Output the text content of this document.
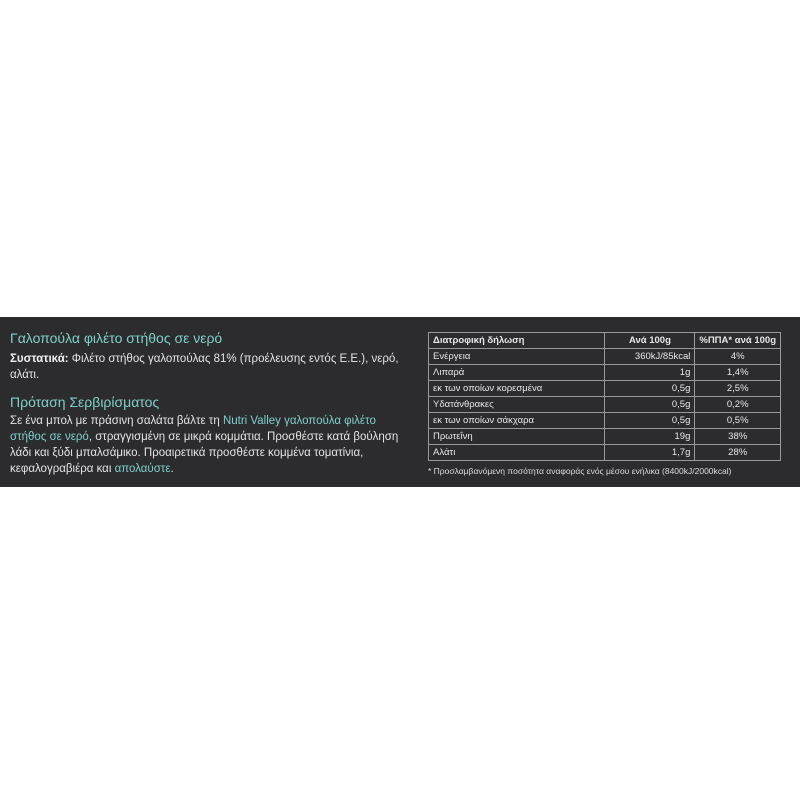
Γαλοπούλα φιλέτο στήθος σε νερό

Συστατικά: Φιλέτο στήθος γαλοπούλας 81% (προέλευσης εντός Ε.Ε.), νερό, αλάτι.

Πρόταση Σερβιρίσματος

Σε ένα μπολ με πράσινη σαλάτα βάλτε τη Nutri Valley γαλοπούλα φιλέτο στήθος σε νερό, στραγγισμένη σε μικρά κομμάτια. Προσθέστε κατά βούληση λάδι και ξύδι μπαλσάμικο. Προαιρετικά προσθέστε κομμένα τοματίνια, κεφαλογραβιέρα και απολαύστε.

Διατροφική δήλωση	Ανά 100g	%ΠΠΑ* ανά 100g
Ενέργεια	360kJ/85kcal	4%
Λιπαρά	1g	1,4%
εκ των οποίων κορεσμένα	0,5g	2,5%
Υδατάνθρακες	0,5g	0,2%
εκ των οποίων σάκχαρα	0,5g	0,5%
Πρωτεΐνη	19g	38%
Αλάτι	1,7g	28%
* Προσλαμβανόμενη ποσότητα αναφοράς ενός μέσου ενήλικα (8400kJ/2000kcal)
